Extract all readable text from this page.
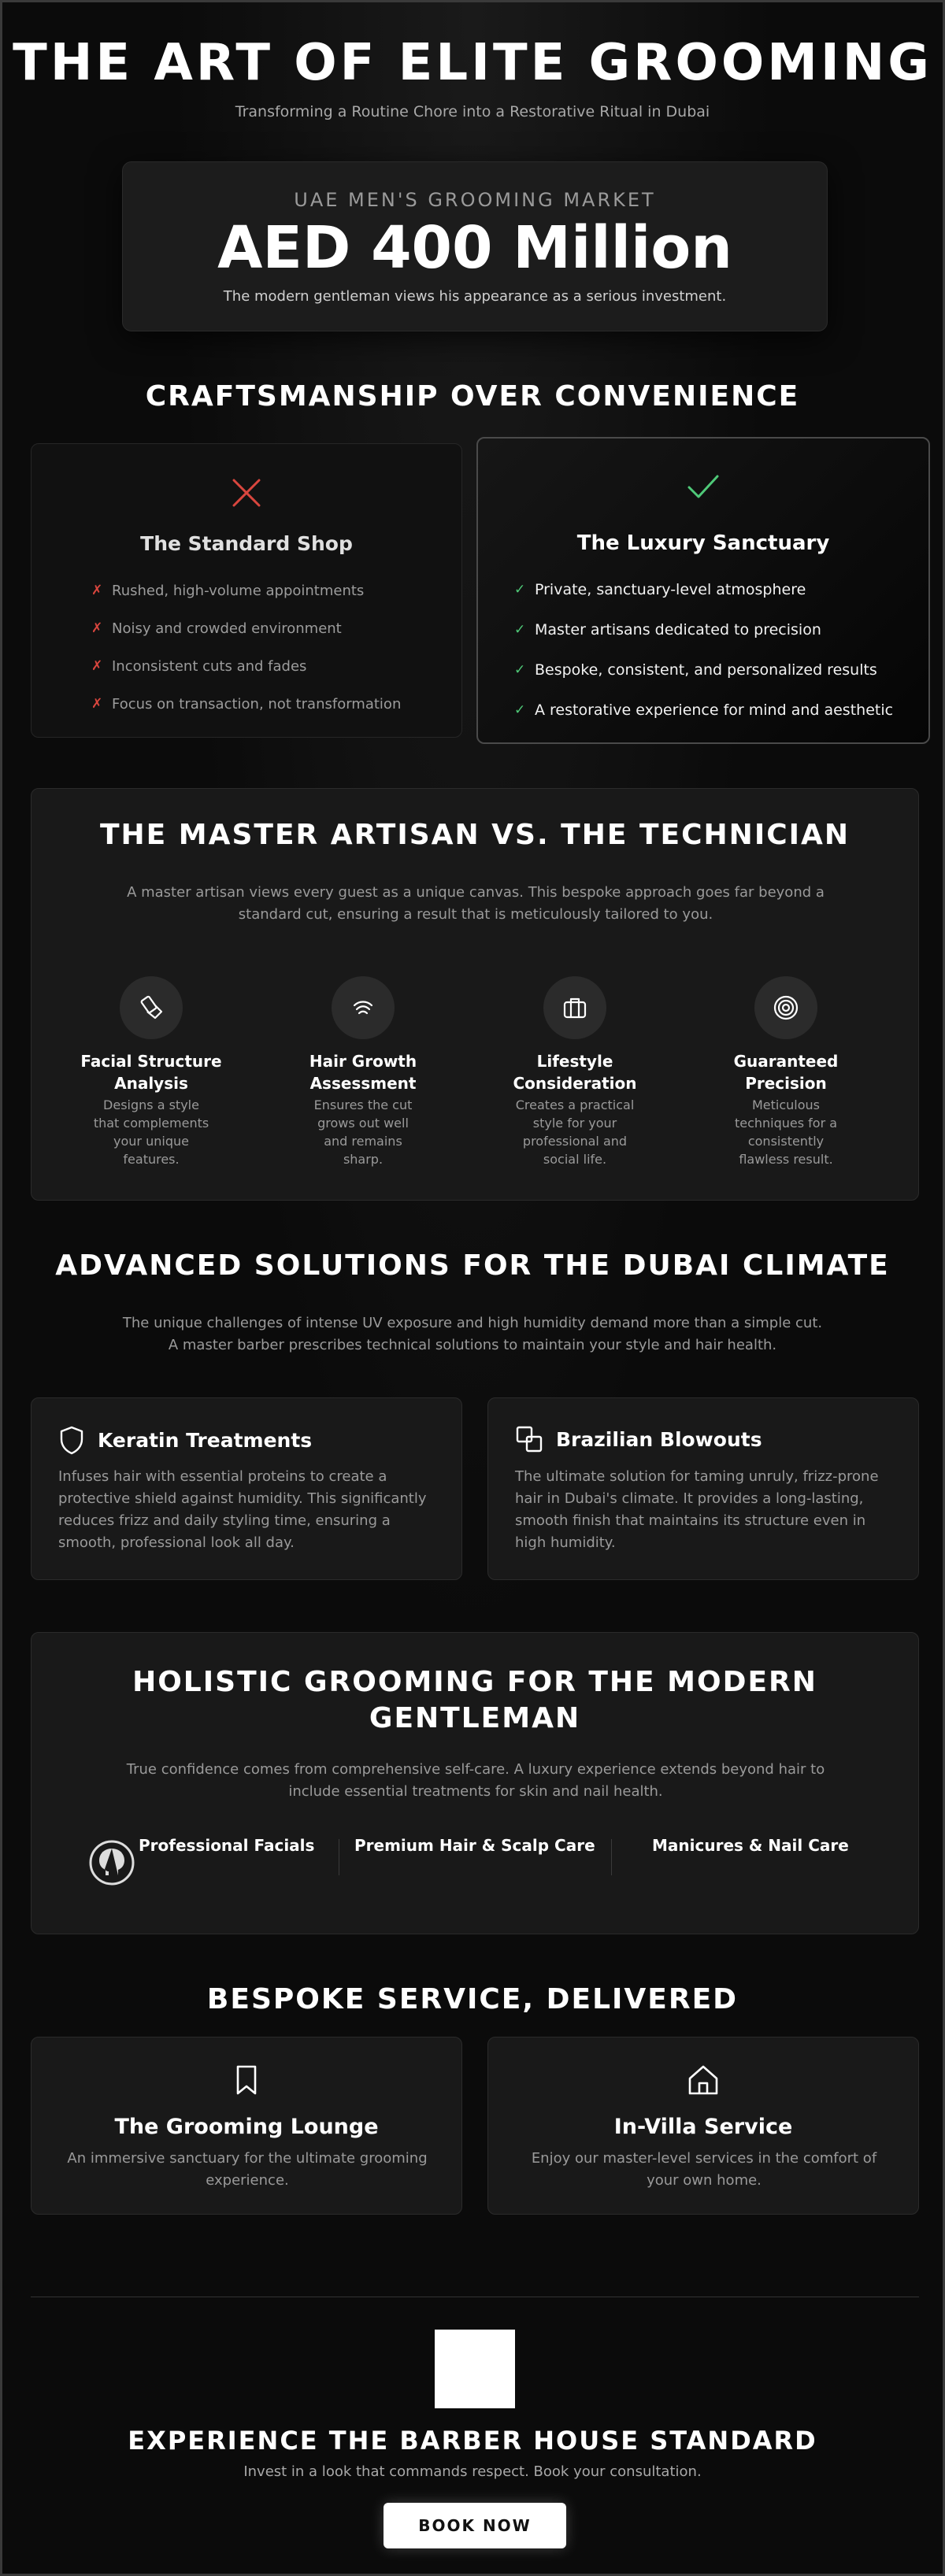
THE ART OF ELITE GROOMING

Transforming a Routine Chore into a Restorative Ritual in Dubai

UAE MEN'S GROOMING MARKET
AED 400 Million
The modern gentleman views his appearance as a serious investment.
CRAFTSMANSHIP OVER CONVENIENCE
The Standard Shop
✗ Rushed, high-volume appointments
✗ Noisy and crowded environment
✗ Inconsistent cuts and fades
✗ Focus on transaction, not transformation
The Luxury Sanctuary
✓ Private, sanctuary-level atmosphere
✓ Master artisans dedicated to precision
✓ Bespoke, consistent, and personalized results
✓ A restorative experience for mind and aesthetic
THE MASTER ARTISAN VS. THE TECHNICIAN

A master artisan views every guest as a unique canvas. This bespoke approach goes far beyond a standard cut, ensuring a result that is meticulously tailored to you.

Facial Structure Analysis
Designs a style that complements your unique features.
Hair Growth Assessment
Ensures the cut grows out well and remains sharp.
Lifestyle Consideration
Creates a practical style for your professional and social life.
Guaranteed Precision
Meticulous techniques for a consistently flawless result.
ADVANCED SOLUTIONS FOR THE DUBAI CLIMATE
The unique challenges of intense UV exposure and high humidity demand more than a simple cut.
A master barber prescribes technical solutions to maintain your style and hair health.
Keratin Treatments

Infuses hair with essential proteins to create a protective shield against humidity. This significantly reduces frizz and daily styling time, ensuring a smooth, professional look all day.

Brazilian Blowouts

The ultimate solution for taming unruly, frizz-prone hair in Dubai's climate. It provides a long-lasting, smooth finish that maintains its structure even in high humidity.

HOLISTIC GROOMING FOR THE MODERN GENTLEMAN

True confidence comes from comprehensive self-care. A luxury experience extends beyond hair to include essential treatments for skin and nail health.

Professional Facials	Premium Hair & Scalp Care	Manicures & Nail Care
BESPOKE SERVICE, DELIVERED
The Grooming Lounge

An immersive sanctuary for the ultimate grooming experience.

In-Villa Service

Enjoy our master-level services in the comfort of your own home.

EXPERIENCE THE BARBER HOUSE STANDARD

Invest in a look that commands respect. Book your consultation.

BOOK NOW
